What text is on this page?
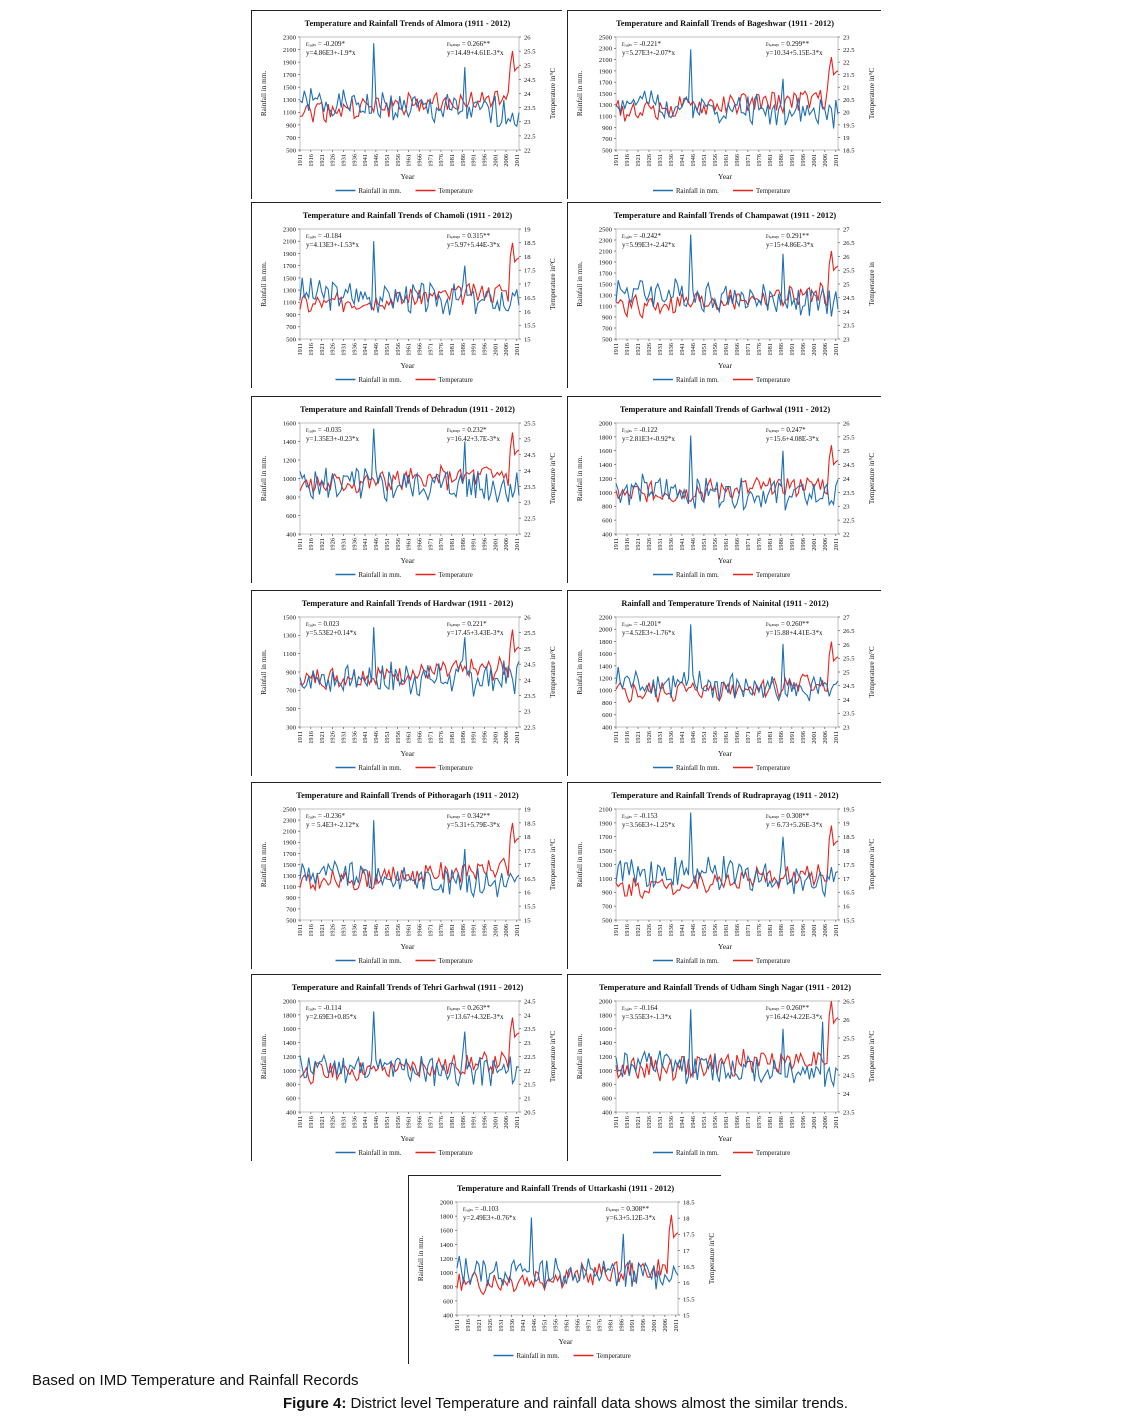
Temperature and Rainfall Trends of Almora (1911 - 2012)
500
700
900
1100
1300
1500
1700
1900
2100
2300
22
22.5
23
23.5
24
24.5
25
25.5
26
1911 1916 1921 1926 1931 1936 1941 1946 1951 1956 1961 1966 1971 1976 1981 1986 1991 1996 2001 2006 2011
Year
Rainfall in mm.	Temperature in°C
rᵣₐᵢₙ = -0.209*
y=4.86E3+-1.9*x
rₜₑₘₚ = 0.266**
y=14.49+4.61E-3*x
Rainfall in mm.	Temperature
Temperature and Rainfall Trends of Bageshwar (1911 - 2012)
500
700
900
1100
1300
1500
1700
1900
2100
2300
2500
18.5
19
19.5
20
20.5
21
21.5
22
22.5
23
1911 1916 1921 1926 1931 1936 1941 1946 1951 1956 1961 1966 1971 1976 1981 1986 1991 1996 2001 2006 2011
Year
Rainfall in mm.	Temperature in°C
rᵣₐᵢₙ = -0.221*
y=5.27E3+-2.07*x
rₜₑₘₚ = 0.299**
y=10.34+5.15E-3*x
Rainfall in mm.	Temperature
Temperature and Rainfall Trends of Chamoli (1911 - 2012)
500
700
900
1100
1300
1500
1700
1900
2100
2300
15
15.5
16
16.5
17
17.5
18
18.5
19
1911 1916 1921 1926 1931 1936 1941 1946 1951 1956 1961 1966 1971 1976 1981 1986 1991 1996 2001 2006 2011
Year
Rainfall in mm.	Temperature in°C
rᵣₐᵢₙ = -0.184
y=4.13E3+-1.53*x
rₜₑₘₚ = 0.315**
y=5.97+5.44E-3*x
Rainfall in mm.	Temperature
Temperature and Rainfall Trends of Champawat (1911 - 2012)
500
700
900
1100
1300
1500
1700
1900
2100
2300
2500
23
23.5
24
24.5
25
25.5
26
26.5
27
1911 1916 1921 1926 1931 1936 1941 1946 1951 1956 1961 1966 1971 1976 1981 1986 1991 1996 2001 2006 2011
Year
Rainfall in mm.	Temperature in
rᵣₐᵢₙ = -0.242*
y=5.99E3+-2.42*x
rₜₑₘₚ = 0.291**
y=15+4.86E-3*x
Rainfall in mm.	Temperature
Temperature and Rainfall Trends of Dehradun (1911 - 2012)
400
600
800
1000
1200
1400
1600
22
22.5
23
23.5
24
24.5
25
25.5
1911 1916 1921 1926 1931 1936 1941 1946 1951 1956 1961 1966 1971 1976 1981 1986 1991 1996 2001 2006 2011
Year
Rainfall in mm.	Temperature in°C
rᵣₐᵢₙ = -0.035
y=1.35E3+-0.23*x
rₜₑₘₚ = 0.232*
y=16.42+3.7E-3*x
Rainfall in mm.	Temperature
Temperature and Rainfall Trends of Garhwal (1911 - 2012)
400
600
800
1000
1200
1400
1600
1800
2000
22
22.5
23
23.5
24
24.5
25
25.5
26
1911 1916 1921 1926 1931 1936 1941 1946 1951 1956 1961 1966 1971 1976 1981 1986 1991 1996 2001 2006 2011
Year
Rainfall in mm.	Temperature in°C
rᵣₐᵢₙ = -0.122
y=2.81E3+-0.92*x
rₜₑₘₚ = 0.247*
y=15.6+4.08E-3*x
Rainfall in mm.	Temperature
Temperature and Rainfall Trends of Hardwar (1911 - 2012)
300
500
700
900
1100
1300
1500
22.5
23
23.5
24
24.5
25
25.5
26
1911 1916 1921 1926 1931 1936 1941 1946 1951 1956 1961 1966 1971 1976 1981 1986 1991 1996 2001 2006 2011
Year
Rainfall in mm.	Temperature in°C
rᵣₐᵢₙ = 0.023
y=5.53E2+0.14*x
rₜₑₘₚ = 0.221*
y=17.45+3.43E-3*x
Rainfall in mm.	Temperature
Rainfall and Temperature Trends of Nainital (1911 - 2012)
400
600
800
1000
1200
1400
1600
1800
2000
2200
23
23.5
24
24.5
25
25.5
26
26.5
27
1911 1916 1921 1926 1931 1936 1941 1946 1951 1956 1961 1966 1971 1976 1981 1986 1991 1996 2001 2006 2011
Year
Rainfall in mm.	Temperature in°C
rᵣₐᵢₙ = -0.201*
y=4.52E3+-1.76*x
rₜₑₘₚ = 0.260**
y=15.88+4.41E-3*x
Rainfall In mm.	Temperature
Temperature and Rainfall Trends of Pithoragarh (1911 - 2012)
500
700
900
1100
1300
1500
1700
1900
2100
2300
2500
15
15.5
16
16.5
17
17.5
18
18.5
19
1911 1916 1921 1926 1931 1936 1941 1946 1951 1956 1961 1966 1971 1976 1981 1986 1991 1996 2001 2006 2011
Year
Rainfall in mm.	Temperature in°C
rᵣₐᵢₙ = -0.236*
y = 5.4E3+-2.12*x
rₜₑₘₚ = 0.342**
y=5.31+5.79E-3*x
Rainfall in mm.	Temperature
Temperature and Rainfall Trends of Rudraprayag (1911 - 2012)
500
700
900
1100
1300
1500
1700
1900
2100
15.5
16
16.5
17
17.5
18
18.5
19
19.5
1911 1916 1921 1926 1931 1936 1941 1946 1951 1956 1961 1966 1971 1976 1981 1986 1991 1996 2001 2006 2011
Year
Rainfall in mm.	Temperature in°C
rᵣₐᵢₙ = -0.153
y=3.56E3+-1.25*x
rₜₑₘₚ = 0.308**
y = 6.73+5.26E-3*x
Rainfall in mm.	Temperature
Temperature and Rainfall Trends of Tehri Garhwal (1911 - 2012)
400
600
800
1000
1200
1400
1600
1800
2000
20.5
21
21.5
22
22.5
23
23.5
24
24.5
1911 1916 1921 1926 1931 1936 1941 1946 1951 1956 1961 1966 1971 1976 1981 1986 1991 1996 2001 2006 2011
Year
Rainfall in mm.	Temperature in°C
rᵣₐᵢₙ = -0.114
y=2.69E3+0.85*x
rₜₑₘₚ = 0.263**
y=13.67+4.32E-3*x
Rainfall in mm.	Temperature
Temperature and Rainfall Trends of Udham Singh Nagar (1911 - 2012)
400
600
800
1000
1200
1400
1600
1800
2000
23.5
24
24.5
25
25.5
26
26.5
1911 1916 1921 1926 1931 1936 1941 1946 1951 1956 1961 1966 1971 1976 1981 1986 1991 1996 2001 2006 2011
Year
Rainfall in mm.	Temperature in°C
rᵣₐᵢₙ = -0.164
y=3.55E3+-1.3*x
rₜₑₘₚ = 0.260**
y=16.42+4.22E-3*x
Rainfall in mm.	Temperature
Temperature and Rainfall Trends of Uttarkashi (1911 - 2012)
400
600
800
1000
1200
1400
1600
1800
2000
15
15.5
16
16.5
17
17.5
18
18.5
1911 1916 1921 1926 1931 1936 1941 1946 1951 1956 1961 1966 1971 1976 1981 1986 1991 1996 2001 2006 2011
Year
Rainfall in mm.	Temperature in°C
rᵣₐᵢₙ = -0.103
y=2.49E3+-0.76*x
rₜₑₘₚ = 0.308**
y=6.3+5.12E-3*x
Rainfall in mm.	Temperature
Based on IMD Temperature and Rainfall Records
Figure 4: District level Temperature and rainfall data shows almost the similar trends.
